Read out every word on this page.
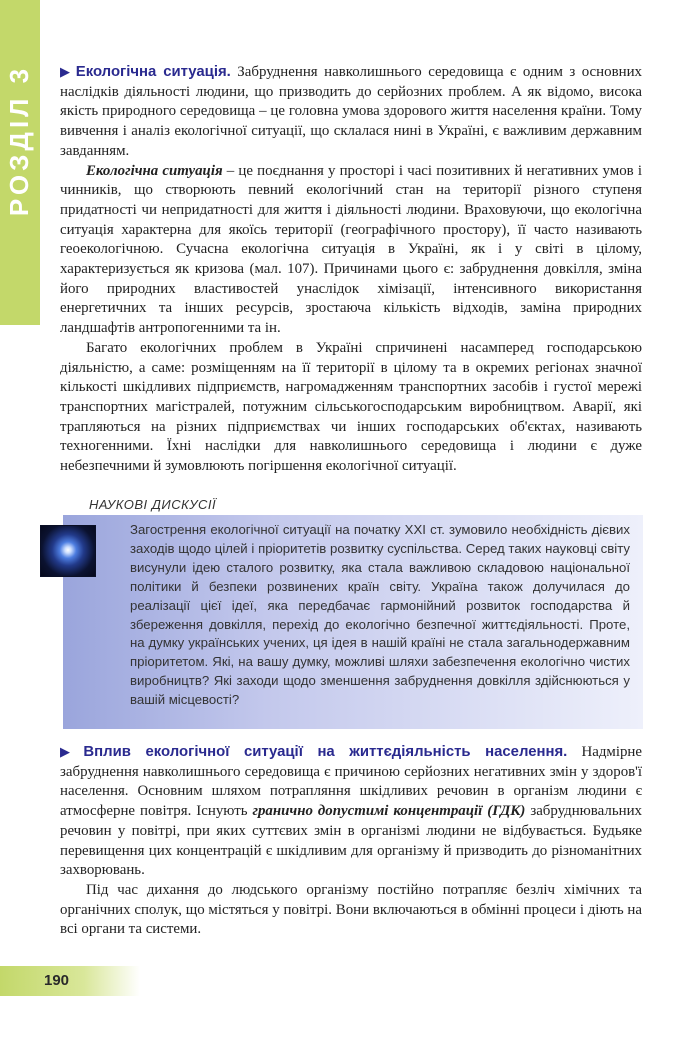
РОЗДІЛ 3 ▶ Екологічна ситуація. Забруднення навколишнього середовища є одним з основних наслідків діяльності людини, що призводить до серйозних проблем. А як відомо, висока якість природного середовища – це головна умова здорового життя населення країни. Тому вивчення і аналіз екологічної ситуації, що склалася нині в Україні, є важливим державним завданням.

Екологічна ситуація – це поєднання у просторі і часі позитивних й негативних умов і чинників, що створюють певний екологічний стан на території різного ступеня придатності чи непридатності для життя і діяльності людини. Враховуючи, що екологічна ситуація характерна для якоїсь території (географічного простору), її часто називають геоекологічною. Сучасна екологічна ситуація в Україні, як і у світі в цілому, характеризується як кризова (мал. 107). Причинами цього є: забруднення довкілля, зміна його природних властивостей унаслідок хімізації, інтенсивного використання енергетичних та інших ресурсів, зростаюча кількість відходів, заміна природних ландшафтів антропогенними та ін.

Багато екологічних проблем в Україні спричинені насамперед господарською діяльністю, а саме: розміщенням на її території в цілому та в окремих регіонах значної кількості шкідливих підприємств, нагромадженням транспортних засобів і густої мережі транспортних магістралей, потужним сільськогосподарським виробництвом. Аварії, які трапляються на різних підприємствах чи інших господарських об'єктах, називають техногенними. Їхні наслідки для навколишнього середовища і людини є дуже небезпечними й зумовлюють погіршення екологічної ситуації.

НАУКОВІ ДИСКУСІЇ
Загострення екологічної ситуації на початку ХХІ ст. зумовило необхідність дієвих заходів щодо цілей і пріоритетів розвитку суспільства. Серед таких науковці світу висунули ідею сталого розвитку, яка стала важливою складовою національної політики й безпеки розвинених країн світу. Україна також долучилася до реалізації цієї ідеї, яка передбачає гармонійний розвиток господарства й збереження довкілля, перехід до екологічно безпечної життєдіяльності. Проте, на думку українських учених, ця ідея в нашій країні не стала загальнодержавним пріоритетом. Які, на вашу думку, можливі шляхи забезпечення екологічно чистих виробництв? Які заходи щодо зменшення забруднення довкілля здійснюються у вашій місцевості?

▶ Вплив екологічної ситуації на життєдіяльність населення. Надмірне забруднення навколишнього середовища є причиною серйозних негативних змін у здоров'ї населення. Основним шляхом потрапляння шкідливих речовин в організм людини є атмосферне повітря. Існують гранично допустимі концентрації (ГДК) забруднювальних речовин у повітрі, при яких суттєвих змін в організмі людини не відбувається. Будьяке перевищення цих концентрацій є шкідливим для організму й призводить до різноманітних захворювань.

Під час дихання до людського організму постійно потрапляє безліч хімічних та органічних сполук, що містяться у повітрі. Вони включаються в обмінні процеси і діють на всі органи та системи.

190
